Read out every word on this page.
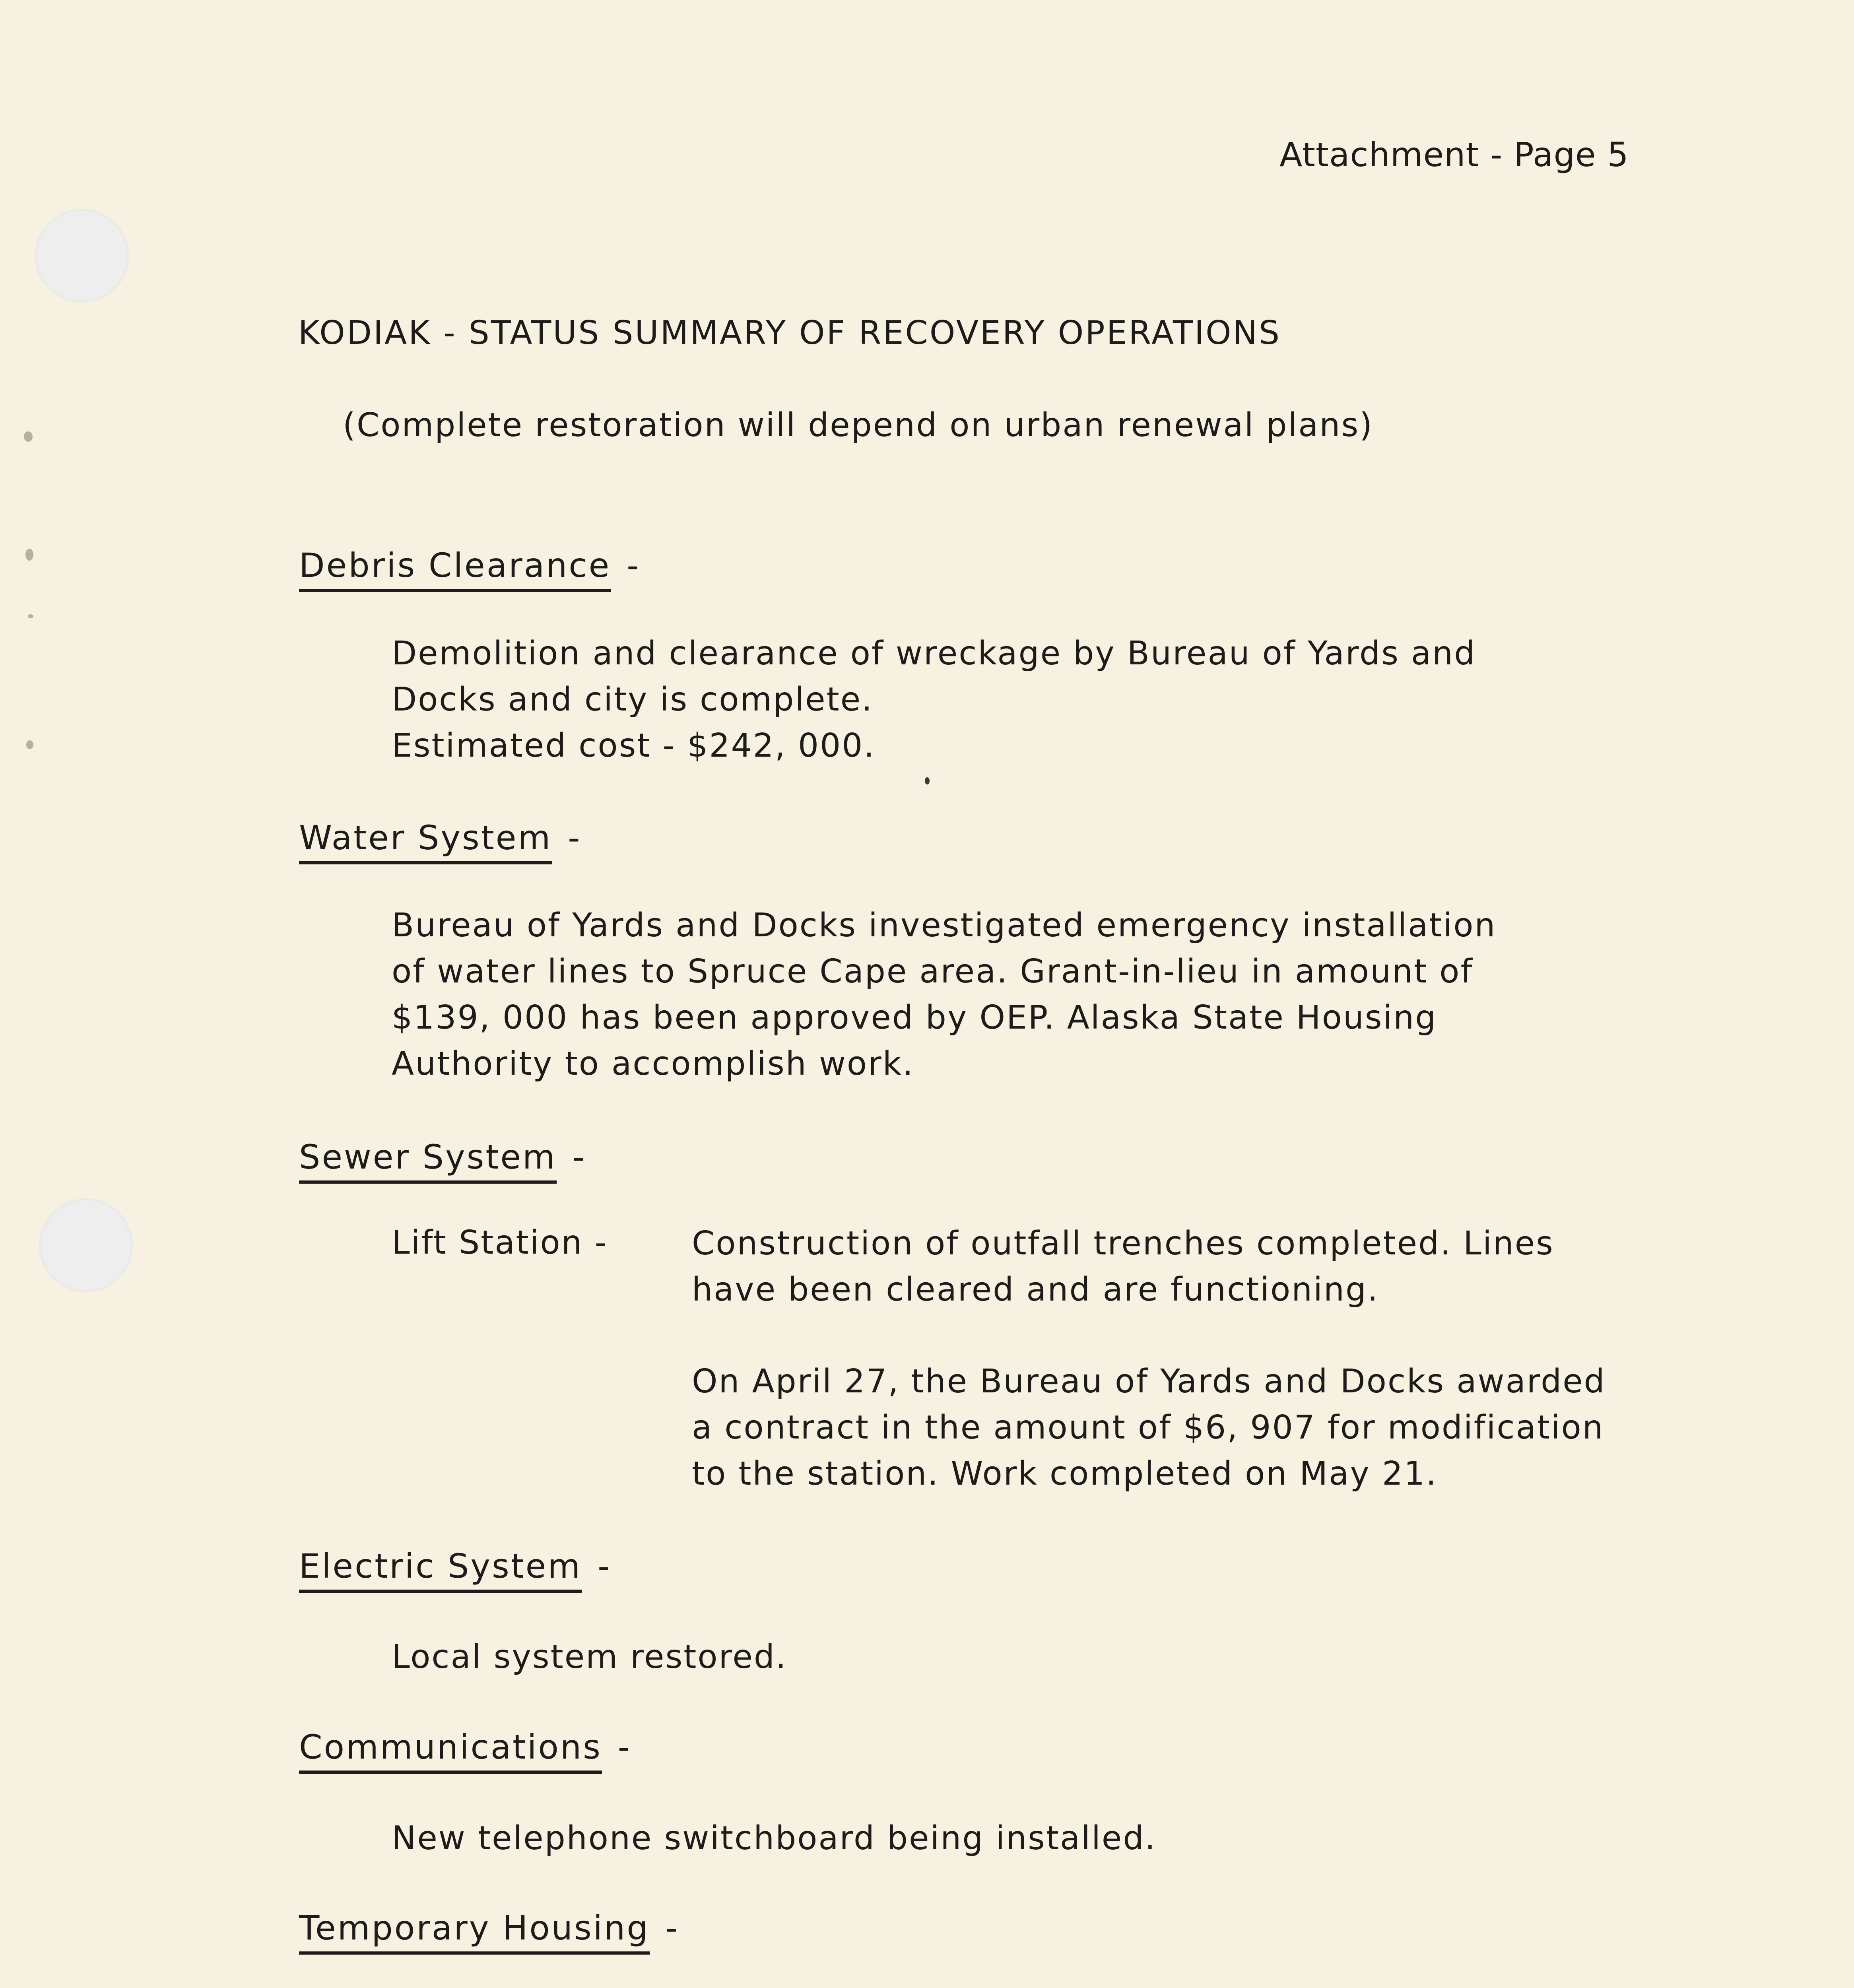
Attachment - Page 5
KODIAK - STATUS SUMMARY OF RECOVERY OPERATIONS
(Complete restoration will depend on urban renewal plans)
Debris Clearance -
Demolition and clearance of wreckage by Bureau of Yards and
Docks and city is complete.
Estimated cost - $242, 000.
Water System -
Bureau of Yards and Docks investigated emergency installation
of water lines to Spruce Cape area. Grant-in-lieu in amount of
$139, 000 has been approved by OEP. Alaska State Housing
Authority to accomplish work.
Sewer System -
Lift Station -	Construction of outfall trenches completed. Lines
have been cleared and are functioning.
On April 27, the Bureau of Yards and Docks awarded
a contract in the amount of $6, 907 for modification
to the station. Work completed on May 21.
Electric System -
Local system restored.
Communications -
New telephone switchboard being installed.
Temporary Housing -
